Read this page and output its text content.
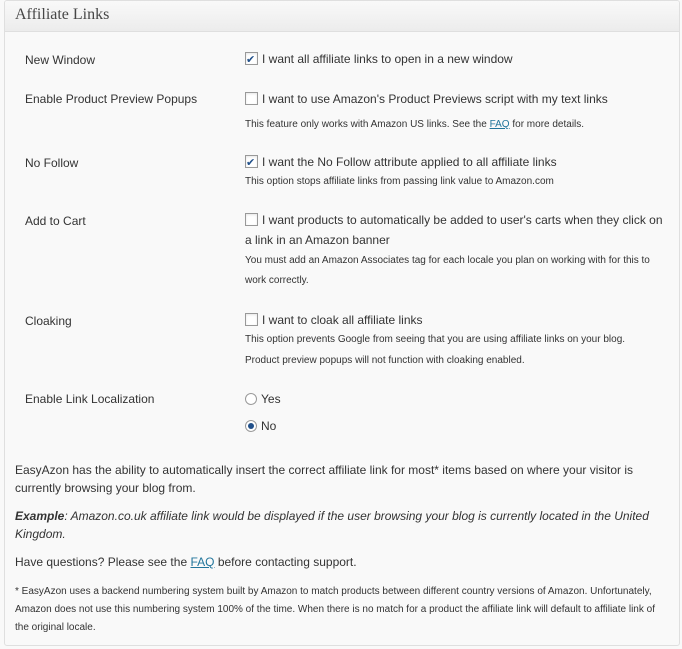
Affiliate Links
New Window ✔	I want all affiliate links to open in a new window
Enable Product Preview Popups	I want to use Amazon's Product Previews script with my text links
This feature only works with Amazon US links. See the FAQ for more details.
No Follow ✔	I want the No Follow attribute applied to all affiliate links
This option stops affiliate links from passing link value to Amazon.com
Add to Cart	I want products to automatically be added to user's carts when they click on a link in an Amazon banner
You must add an Amazon Associates tag for each locale you plan on working with for this to work correctly.
Cloaking	I want to cloak all affiliate links
This option prevents Google from seeing that you are using affiliate links on your blog.
Product preview popups will not function with cloaking enabled.
Enable Link Localization	Yes
No
EasyAzon has the ability to automatically insert the correct affiliate link for most* items based on where your visitor is currently browsing your blog from.
Example: Amazon.co.uk affiliate link would be displayed if the user browsing your blog is currently located in the United Kingdom.
Have questions? Please see the FAQ before contacting support.
* EasyAzon uses a backend numbering system built by Amazon to match products between different country versions of Amazon. Unfortunately, Amazon does not use this numbering system 100% of the time. When there is no match for a product the affiliate link will default to affiliate link of the original locale.
